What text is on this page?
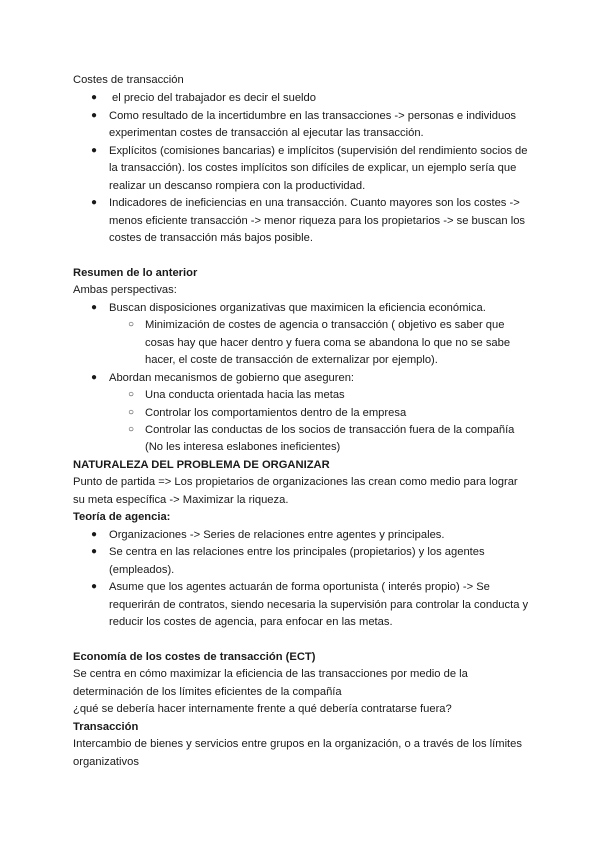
Costes de transacción
● el precio del trabajador es decir el sueldo
● Como resultado de la incertidumbre en las transacciones -> personas e individuos
experimentan costes de transacción al ejecutar las transacción.
● Explícitos (comisiones bancarias) e implícitos (supervisión del rendimiento socios de
la transacción). los costes implícitos son difíciles de explicar, un ejemplo sería que
realizar un descanso rompiera con la productividad.
● Indicadores de ineficiencias en una transacción. Cuanto mayores son los costes ->
menos eficiente transacción -> menor riqueza para los propietarios -> se buscan los
costes de transacción más bajos posible.
Resumen de lo anterior
Ambas perspectivas:
● Buscan disposiciones organizativas que maximicen la eficiencia económica.
○ Minimización de costes de agencia o transacción ( objetivo es saber que
cosas hay que hacer dentro y fuera coma se abandona lo que no se sabe
hacer, el coste de transacción de externalizar por ejemplo).
● Abordan mecanismos de gobierno que aseguren:
○ Una conducta orientada hacia las metas
○ Controlar los comportamientos dentro de la empresa
○ Controlar las conductas de los socios de transacción fuera de la compañía
(No les interesa eslabones ineficientes)
NATURALEZA DEL PROBLEMA DE ORGANIZAR
Punto de partida => Los propietarios de organizaciones las crean como medio para lograr
su meta específica -> Maximizar la riqueza.
Teoría de agencia:
● Organizaciones -> Series de relaciones entre agentes y principales.
● Se centra en las relaciones entre los principales (propietarios) y los agentes
(empleados).
● Asume que los agentes actuarán de forma oportunista ( interés propio) -> Se
requerirán de contratos, siendo necesaria la supervisión para controlar la conducta y
reducir los costes de agencia, para enfocar en las metas.
Economía de los costes de transacción (ECT)
Se centra en cómo maximizar la eficiencia de las transacciones por medio de la
determinación de los límites eficientes de la compañía
¿qué se debería hacer internamente frente a qué debería contratarse fuera?
Transacción
Intercambio de bienes y servicios entre grupos en la organización, o a través de los límites
organizativos
